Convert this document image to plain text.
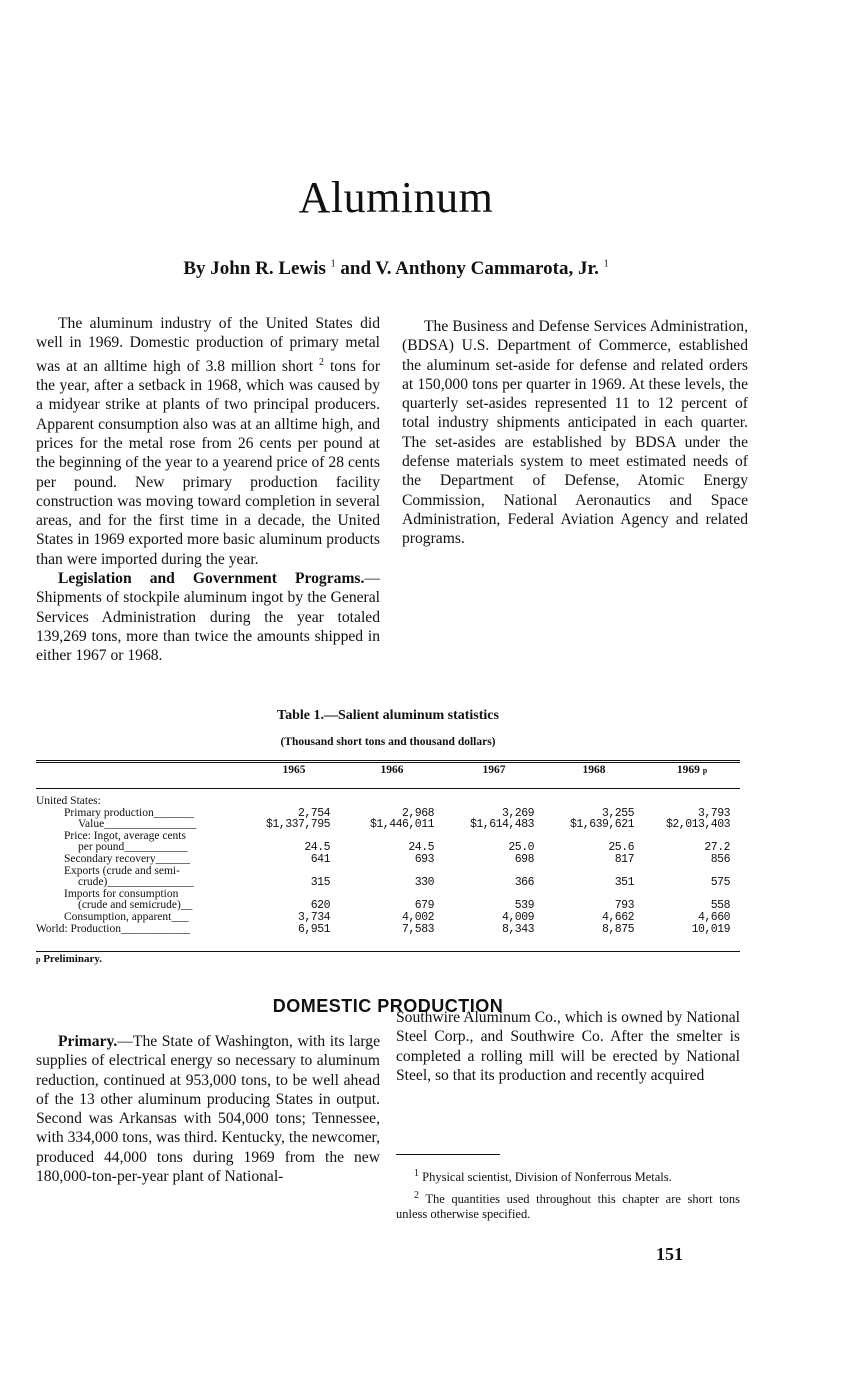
Aluminum
By John R. Lewis $^1$ and V. Anthony Cammarota, Jr. $^1$

The aluminum industry of the United States did well in 1969. Domestic production of primary metal was at an alltime high of 3.8 million short $^2$ tons for the year, after a setback in 1968, which was caused by a midyear strike at plants of two principal producers. Apparent consumption also was at an alltime high, and prices for the metal rose from 26 cents per pound at the beginning of the year to a yearend price of 28 cents per pound. New primary production facility construction was moving toward completion in several areas, and for the first time in a decade, the United States in 1969 exported more basic aluminum products than were imported during the year.

Legislation and Government Programs.—Shipments of stockpile aluminum ingot by the General Services Administration during the year totaled 139,269 tons, more than twice the amounts shipped in either 1967 or 1968.

The Business and Defense Services Administration, (BDSA) U.S. Department of Commerce, established the aluminum set-aside for defense and related orders at 150,000 tons per quarter in 1969. At these levels, the quarterly set-asides represented 11 to 12 percent of total industry shipments anticipated in each quarter. The set-asides are established by BDSA under the defense materials system to meet estimated needs of the Department of Defense, Atomic Energy Commission, National Aeronautics and Space Administration, Federal Aviation Agency and related programs.

Table 1.—Salient aluminum statistics
(Thousand short tons and thousand dollars)
	1965	1966	1967	1968	1969 p
United States:					
Primary production_______	2,754	2,968	3,269	3,255	3,793
Value________________	$1,337,795	$1,446,011	$1,614,483	$1,639,621	$2,013,403

Price: Ingot, average cents
per pound___________	24.5	24.5	25.0	25.6	27.2
Secondary recovery______	641	693	698	817	856

Exports (crude and semi-
crude)_______________	315	330	366	351	575

Imports for consumption
(crude and semicrude)__	620	679	539	793	558
Consumption, apparent___	3,734	4,002	4,009	4,662	4,660
World: Production____________	6,951	7,583	8,343	8,875	10,019
p Preliminary.
DOMESTIC PRODUCTION

Primary.—The State of Washington, with its large supplies of electrical energy so necessary to aluminum reduction, continued at 953,000 tons, to be well ahead of the 13 other aluminum producing States in output. Second was Arkansas with 504,000 tons; Tennessee, with 334,000 tons, was third. Kentucky, the newcomer, produced 44,000 tons during 1969 from the new 180,000-ton-per-year plant of National-

Southwire Aluminum Co., which is owned by National Steel Corp., and Southwire Co. After the smelter is completed a rolling mill will be erected by National Steel, so that its production and recently acquired

$^1$ Physical scientist, Division of Nonferrous Metals.

$^2$ The quantities used throughout this chapter are short tons unless otherwise specified.

151
